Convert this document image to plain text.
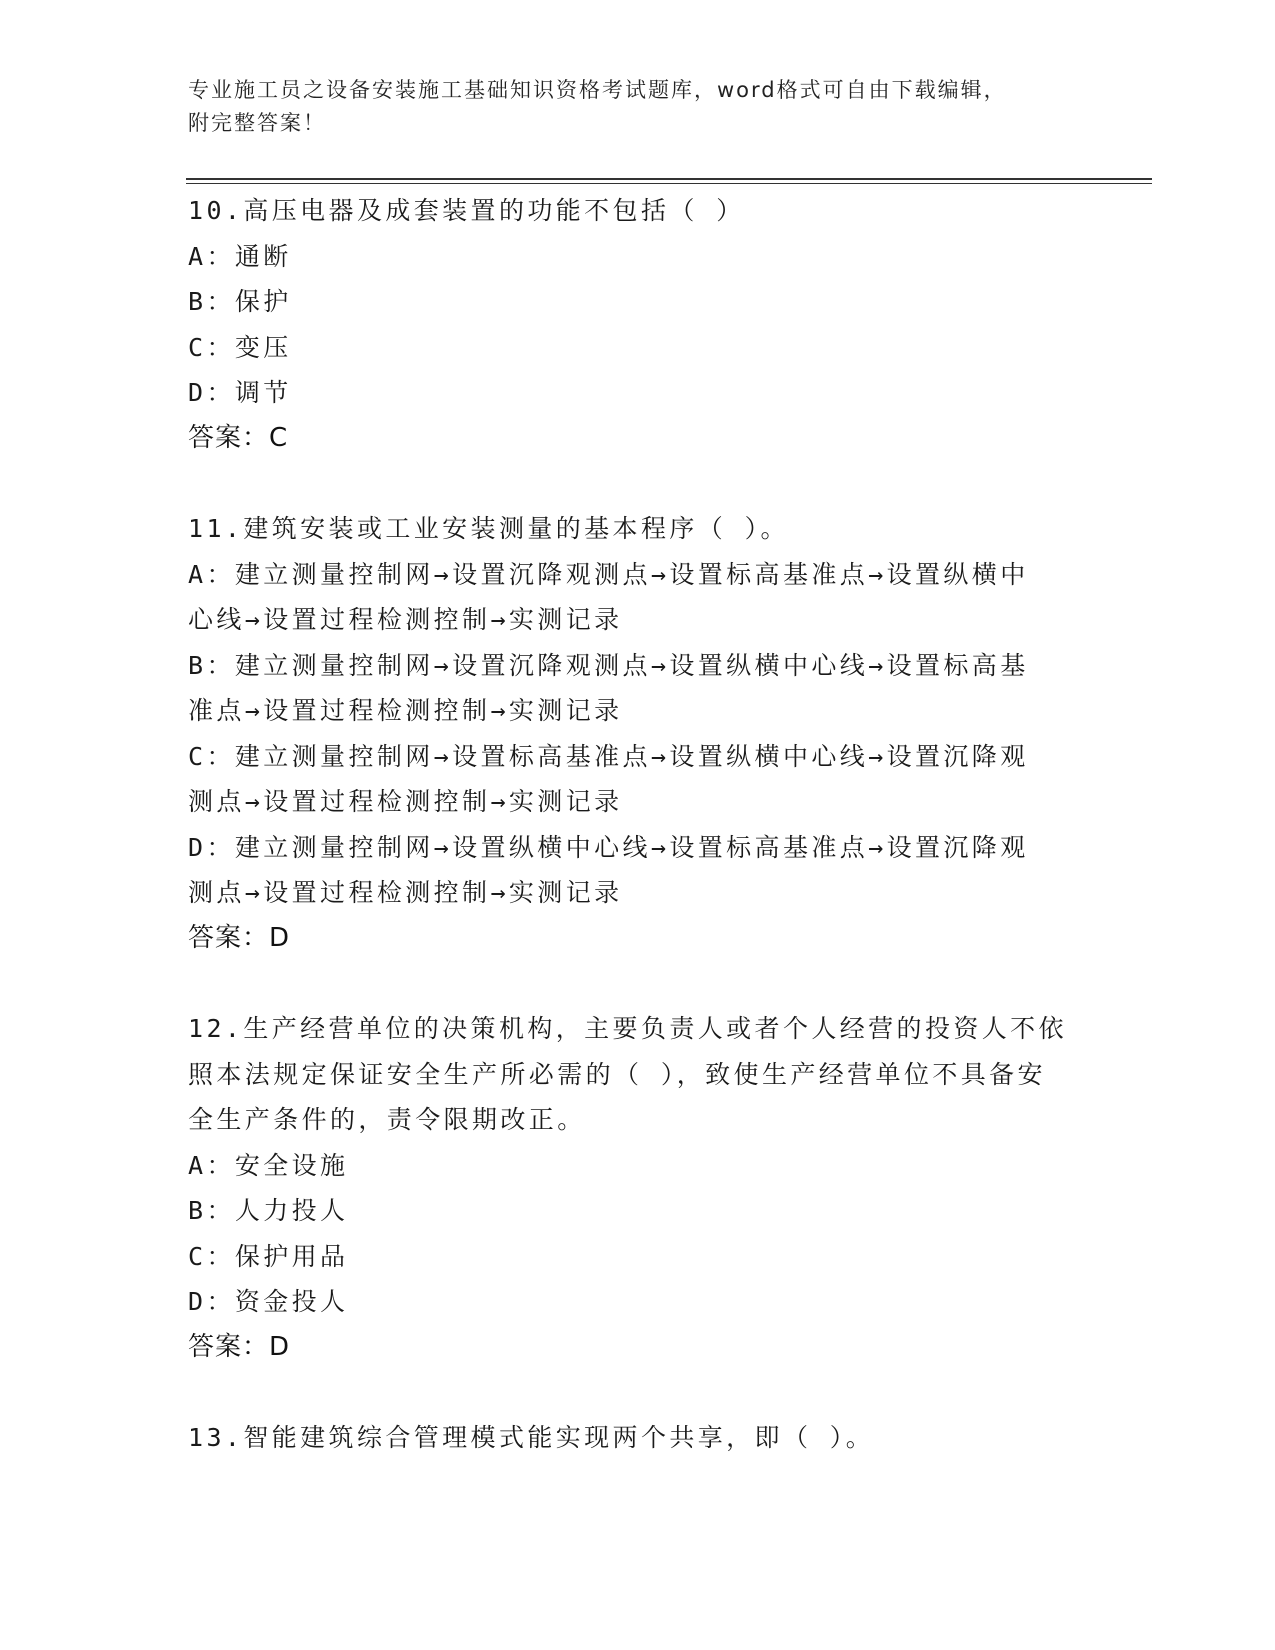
专业施工员之设备安装施工基础知识资格考试题库，word格式可自由下载编辑，
附完整答案！
10.高压电器及成套装置的功能不包括（ ）
A：通断
B：保护
C：变压
D：调节
答案：C
11.建筑安装或工业安装测量的基本程序（ ）。
A：建立测量控制网→设置沉降观测点→设置标高基准点→设置纵横中
心线→设置过程检测控制→实测记录
B：建立测量控制网→设置沉降观测点→设置纵横中心线→设置标高基
准点→设置过程检测控制→实测记录
C：建立测量控制网→设置标高基准点→设置纵横中心线→设置沉降观
测点→设置过程检测控制→实测记录
D：建立测量控制网→设置纵横中心线→设置标高基准点→设置沉降观
测点→设置过程检测控制→实测记录
答案：D
12.生产经营单位的决策机构，主要负责人或者个人经营的投资人不依
照本法规定保证安全生产所必需的（ ），致使生产经营单位不具备安
全生产条件的，责令限期改正。
A：安全设施
B：人力投人
C：保护用品
D：资金投人
答案：D
13.智能建筑综合管理模式能实现两个共享，即（ ）。
